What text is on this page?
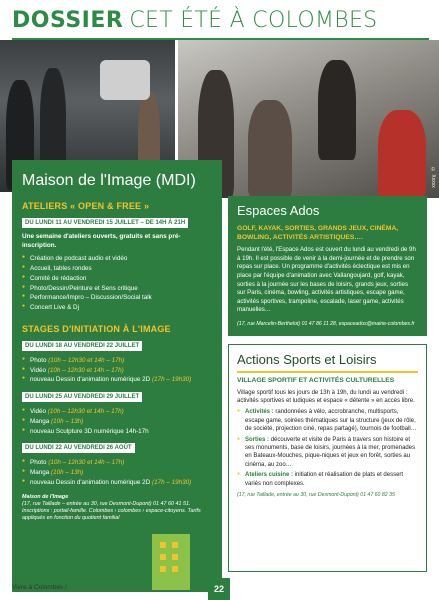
DOSSIER CET ÉTÉ À COLOMBES
© Xxxxx
Maison de l'Image (MDI)
ATELIERS « OPEN & FREE »
DU LUNDI 11 AU VENDREDI 15 JUILLET – DE 14H À 21H
Une semaine d'ateliers ouverts, gratuits et sans pré-inscription.
● Création de podcast audio et vidéo
● Accueil, tables rondes
● Comité de rédaction
● Photo/Dessin/Peinture et Sens critique
● Performance/Impro – Discussion/Social talk
● Concert Live & Dj
STAGES D'INITIATION À L'IMAGE
DU LUNDI 18 AU VENDREDI 22 JUILLET
● Photo (10h – 12h30 et 14h – 17h)
● Vidéo (10h – 12h30 et 14h – 17h)
● nouveau Dessin d'animation numérique 2D (17h – 19h30)
DU LUNDI 25 AU VENDREDI 29 JUILLET
● Vidéo (10h – 12h30 et 14h – 17h)
● Manga (10h – 13h)
● nouveau Sculpture 3D numérique 14h-17h
DU LUNDI 22 AU VENDREDI 26 AOÛT
● Photo (10h – 12h30 et 14h – 17h)
● Manga (10h – 13h)
● nouveau Dessin d'animation numérique 2D (17h – 19h30)
Maison de l'Image
(17, rue Taillade – entrée au 30, rue Desmont-Dupont) 01 47 60 41 51. Inscriptions : portail-famille. Colombes › colombes › espace-citoyens. Tarifs appliqués en fonction du quotient familial
Espaces Ados
GOLF, KAYAK, SORTIES, GRANDS JEUX, CINÉMA, BOWLING, ACTIVITÉS ARTISTIQUES….

Pendant l'été, l'Espace Ados est ouvert du lundi au vendredi de 9h à 19h. Il est possible de venir à la demi-journée et de prendre son repas sur place. Un programme d'activités éclectique est mis en place par l'équipe d'animation avec Vallangoujard, golf, kayak, sorties à la journée sur les bases de loisirs, grands jeux, sorties sur Paris, cinéma, bowling, activités artistiques, escape game, activités sportives, trampoline, escalade, laser game, activités manuelles…

(17, rue Marcelin-Berthelot) 01 47 86 11 28, espaceados@mairie-colombes.fr
Actions Sports et Loisirs
VILLAGE SPORTIF ET ACTIVITÉS CULTURELLES

Village sportif tous les jours de 13h à 19h, du lundi au vendredi : activités sportives et ludiques et espace « détente » en accès libre.

● Activités : randonnées à vélo, accrobranche, multisports, escape game, soirées thématiques sur la structure (jeux de rôle, de société, projection ciné, repas partagé), tournois de football…
● Sorties : découverte et visite de Paris à travers son histoire et ses monuments, base de loisirs, journées à la mer, promenades en Bateaux-Mouches, pique-niques et jeux en forêt, sorties au cinéma, au zoo…
● Ateliers cuisine : initiation et réalisation de plats et dessert variés non complexes.
(17, rue Taillade, entrée au 30, rue Desmont-Dupont) 01 47 60 82 35
Vivre à Colombes / juillet – août 2022	22
